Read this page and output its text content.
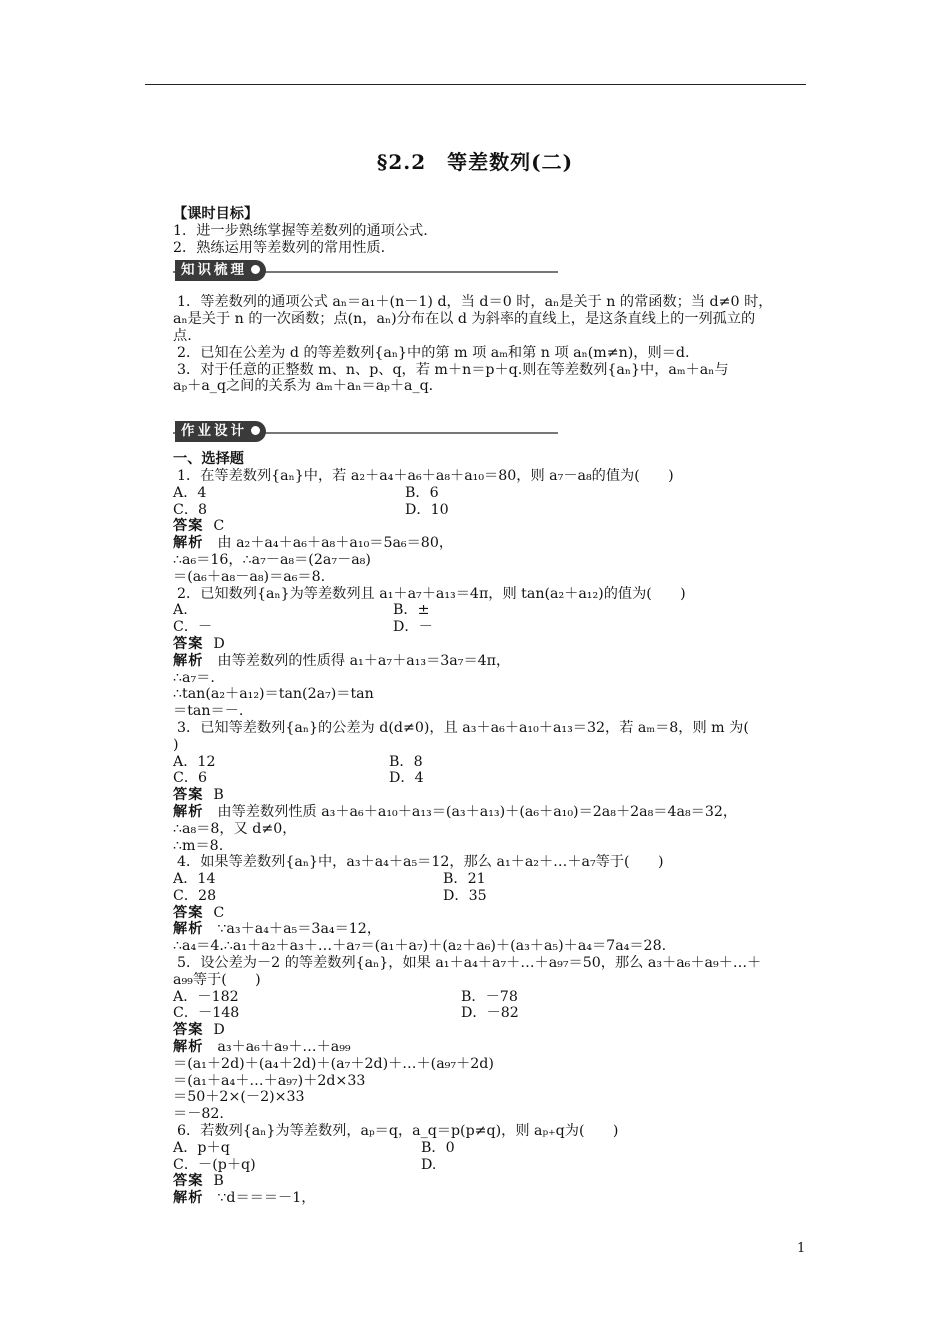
§2.2　等差数列(二)
【课时目标】
1．进一步熟练掌握等差数列的通项公式.
2．熟练运用等差数列的常用性质.
知识梳理
1．等差数列的通项公式 aₙ＝a₁＋(n－1) d，当 d＝0 时，aₙ是关于 n 的常函数；当 d≠0 时，
aₙ是关于 n 的一次函数；点(n，aₙ)分布在以 d 为斜率的直线上，是这条直线上的一列孤立的
点.
2．已知在公差为 d 的等差数列{aₙ}中的第 m 项 aₘ和第 n 项 aₙ(m≠n)，则＝d.
3．对于任意的正整数 m、n、p、q，若 m＋n＝p＋q.则在等差数列{aₙ}中，aₘ＋aₙ与
aₚ＋a_q之间的关系为 aₘ＋aₙ＝aₚ＋a_q.
作业设计
一、选择题
1．在等差数列{aₙ}中，若 a₂＋a₄＋a₆＋a₈＋a₁₀＝80，则 a₇－a₈的值为(　　)
A．4	B．6
C．8	D．10
答案 C
解析 由 a₂＋a₄＋a₆＋a₈＋a₁₀＝5a₆＝80，
∴a₆＝16，∴a₇－a₈＝(2a₇－a₈)
＝(a₆＋a₈－a₈)＝a₆＝8.
2．已知数列{aₙ}为等差数列且 a₁＋a₇＋a₁₃＝4π，则 tan(a₂＋a₁₂)的值为(　　)
A.	B．±
C．－	D．－
答案 D
解析 由等差数列的性质得 a₁＋a₇＋a₁₃＝3a₇＝4π，
∴a₇＝.
∴tan(a₂＋a₁₂)＝tan(2a₇)＝tan
＝tan＝－.
3．已知等差数列{aₙ}的公差为 d(d≠0)，且 a₃＋a₆＋a₁₀＋a₁₃＝32，若 aₘ＝8，则 m 为(
)
A．12	B．8
C．6	D．4
答案 B
解析 由等差数列性质 a₃＋a₆＋a₁₀＋a₁₃＝(a₃＋a₁₃)＋(a₆＋a₁₀)＝2a₈＋2a₈＝4a₈＝32，
∴a₈＝8，又 d≠0，
∴m＝8.
4．如果等差数列{aₙ}中，a₃＋a₄＋a₅＝12，那么 a₁＋a₂＋…＋a₇等于(　　)
A．14	B．21
C．28	D．35
答案 C
解析 ∵a₃＋a₄＋a₅＝3a₄＝12，
∴a₄＝4.∴a₁＋a₂＋a₃＋…＋a₇＝(a₁＋a₇)＋(a₂＋a₆)＋(a₃＋a₅)＋a₄＝7a₄＝28.
5．设公差为－2 的等差数列{aₙ}，如果 a₁＋a₄＋a₇＋…＋a₉₇＝50，那么 a₃＋a₆＋a₉＋…＋
a₉₉等于(　　)
A．－182	B．－78
C．－148	D．－82
答案 D
解析 a₃＋a₆＋a₉＋…＋a₉₉
＝(a₁＋2d)＋(a₄＋2d)＋(a₇＋2d)＋…＋(a₉₇＋2d)
＝(a₁＋a₄＋…＋a₉₇)＋2d×33
＝50＋2×(－2)×33
＝－82.
6．若数列{aₙ}为等差数列，aₚ＝q，a_q＝p(p≠q)，则 aₚ₊q为(　　)
A．p＋q	B．0
C．－(p＋q)	D.
答案 B
解析 ∵d＝＝＝－1，
1
